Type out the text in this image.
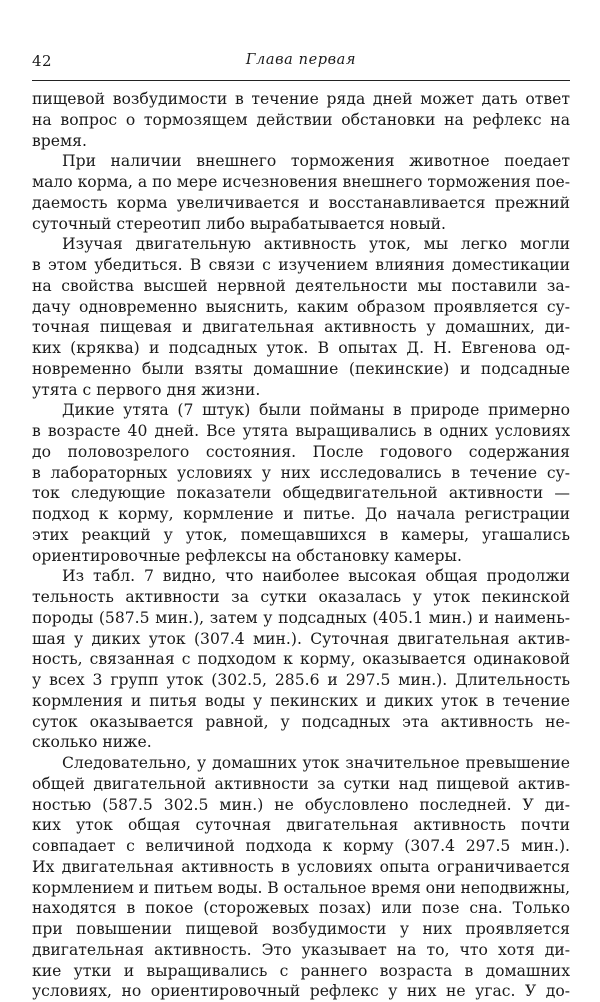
42	Глава первая

пищевой возбудимости в течение ряда дней может дать ответ
на вопрос о тормозящем действии обстановки на рефлекс на
время.

При наличии внешнего торможения животное поедает
мало корма, а по мере исчезновения внешнего торможения пое-
даемость корма увеличивается и восстанавливается прежний
суточный стереотип либо вырабатывается новый.

Изучая двигательную активность уток, мы легко могли
в этом убедиться. В связи с изучением влияния доместикации
на свойства высшей нервной деятельности мы поставили за-
дачу одновременно выяснить, каким образом проявляется су-
точная пищевая и двигательная активность у домашних, ди-
ких (кряква) и подсадных уток. В опытах Д. Н. Евгенова од-
новременно были взяты домашние (пекинские) и подсадные
утята с первого дня жизни.

Дикие утята (7 штук) были пойманы в природе примерно
в возрасте 40 дней. Все утята выращивались в одних условиях
до половозрелого состояния. После годового содержания
в лабораторных условиях у них исследовались в течение су-
ток следующие показатели общедвигательной активности —
подход к корму, кормление и питье. До начала регистрации
этих реакций у уток, помещавшихся в камеры, угашались
ориентировочные рефлексы на обстановку камеры.

Из табл. 7 видно, что наиболее высокая общая продолжи
тельность активности за сутки оказалась у уток пекинской
породы (587.5 мин.), затем у подсадных (405.1 мин.) и наимень-
шая у диких уток (307.4 мин.). Суточная двигательная актив-
ность, связанная с подходом к корму, оказывается одинаковой
у всех 3 групп уток (302.5, 285.6 и 297.5 мин.). Длительность
кормления и питья воды у пекинских и диких уток в течение
суток оказывается равной, у подсадных эта активность не-
сколько ниже.

Следовательно, у домашних уток значительное превышение
общей двигательной активности за сутки над пищевой актив-
ностью (587.5 302.5 мин.) не обусловлено последней. У ди-
ких уток общая суточная двигательная активность почти
совпадает с величиной подхода к корму (307.4 297.5 мин.).
Их двигательная активность в условиях опыта ограничивается
кормлением и питьем воды. В остальное время они неподвижны,
находятся в покое (сторожевых позах) или позе сна. Только
при повышении пищевой возбудимости у них проявляется
двигательная активность. Это указывает на то, что хотя ди-
кие утки и выращивались с раннего возраста в домашних
условиях, но ориентировочный рефлекс у них не угас. У до-
